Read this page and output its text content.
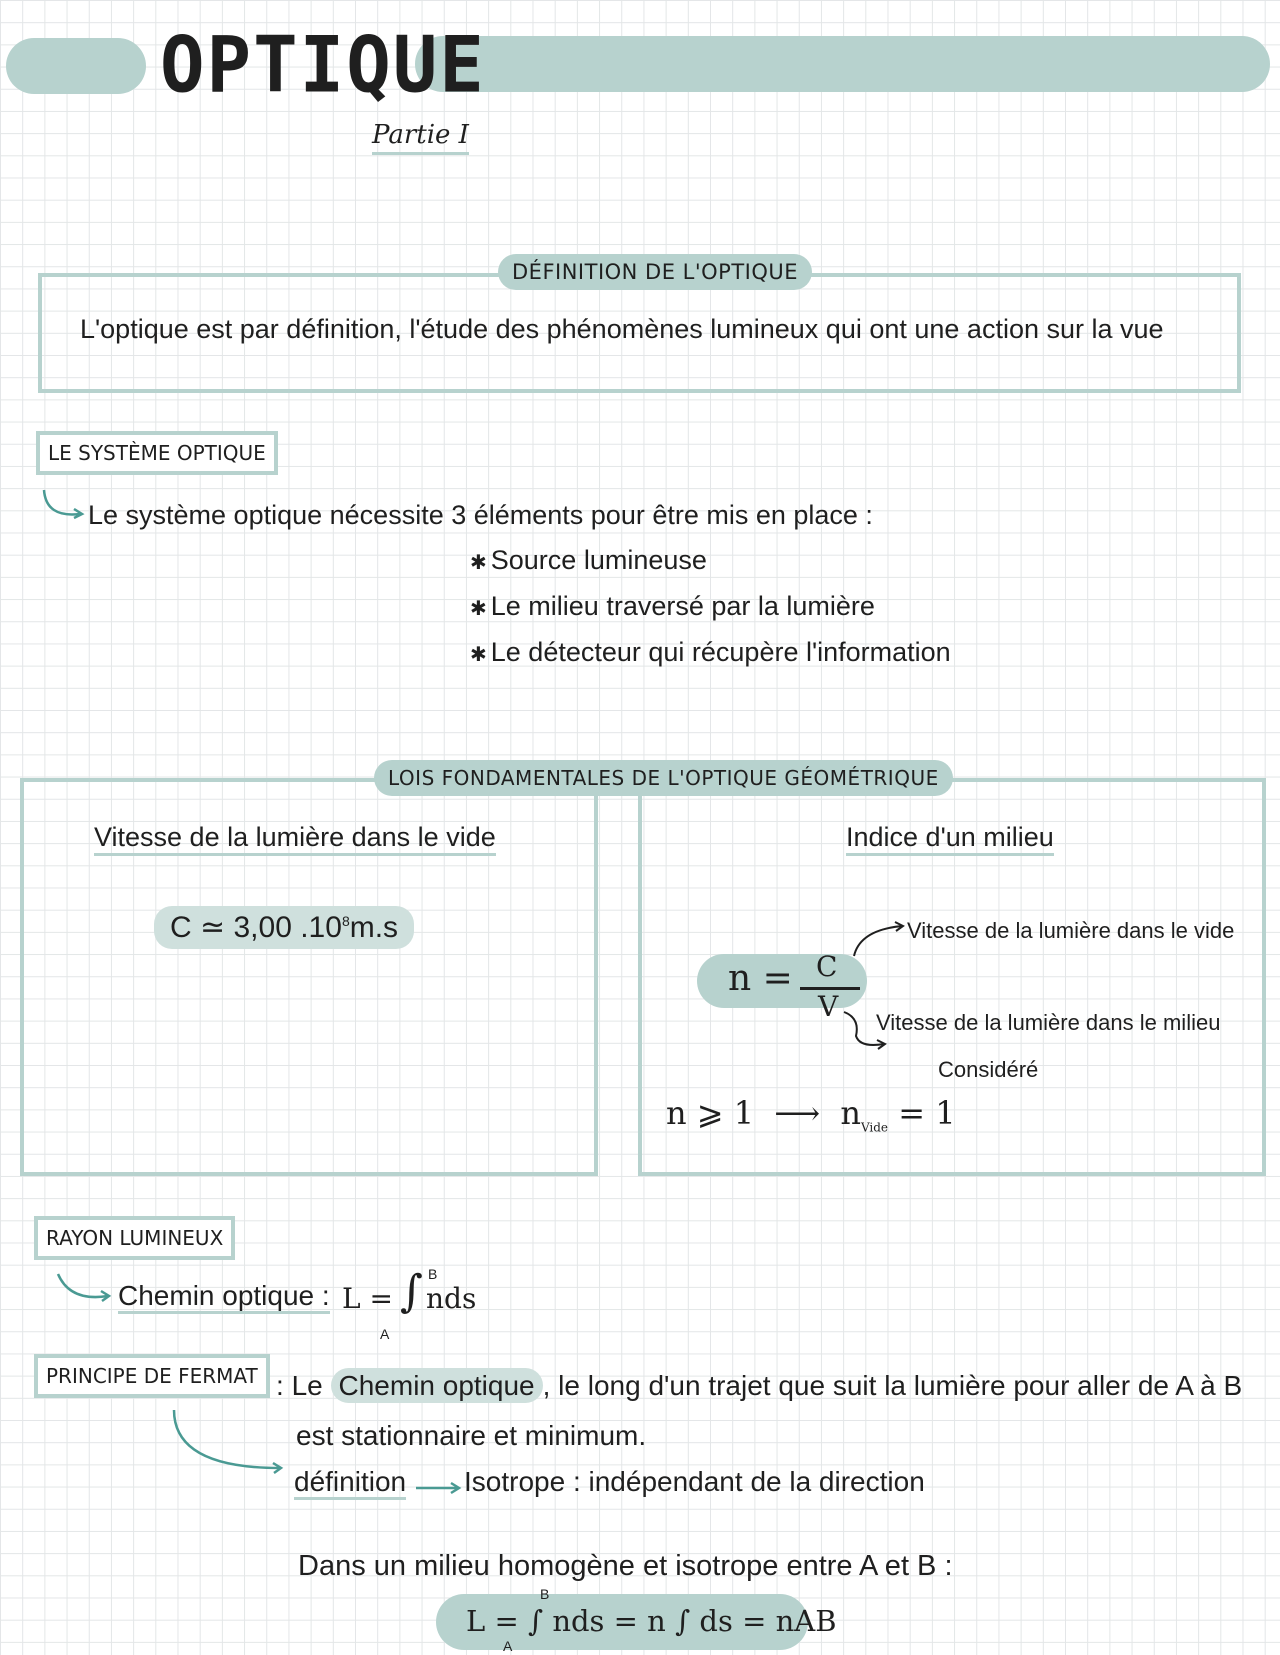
OPTIQUE
Partie I
DÉFINITION DE L'OPTIQUE
L'optique est par définition, l'étude des phénomènes lumineux qui ont une action sur la vue
LE SYSTÈME OPTIQUE
Le système optique nécessite 3 éléments pour être mis en place :
✱ Source lumineuse
✱ Le milieu traversé par la lumière
✱ Le détecteur qui récupère l'information
LOIS FONDAMENTALES DE L'OPTIQUE GÉOMÉTRIQUE
Vitesse de la lumière dans le vide
C ≃ 3,00 $.10^8m.s$
Indice d'un milieu
n = C
V
Vitesse de la lumière dans le vide
Vitesse de la lumière dans le milieu
Considéré
n ⩾ 1 ⟶ $n_{Vide} = 1$
RAYON LUMINEUX
Chemin optique : L = ∫ B
A
nds
PRINCIPE DE FERMAT : Le Chemin optique , le long d'un trajet que suit la lumière pour aller de A à B
est stationnaire et minimum.
définition Isotrope : indépendant de la direction
Dans un milieu homogène et isotrope entre A et B :
L = ∫ nds = n ∫ ds = nAB
B
A
